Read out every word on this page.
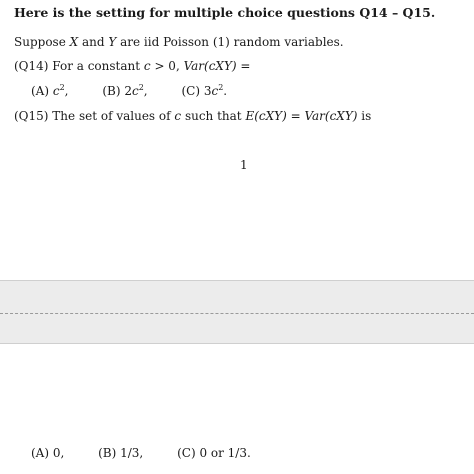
Here is the setting for multiple choice questions Q14 – Q15.
Suppose X and Y are iid Poisson (1) random variables.
(Q14) For a constant c > 0, Var(cXY) =
(A) $c^2$,	(B) $2c^2$,	(C) $3c^2$.
(Q15) The set of values of c such that E(cXY) = Var(cXY) is
1
(A) 0,	(B) 1/3,	(C) 0 or 1/3.
